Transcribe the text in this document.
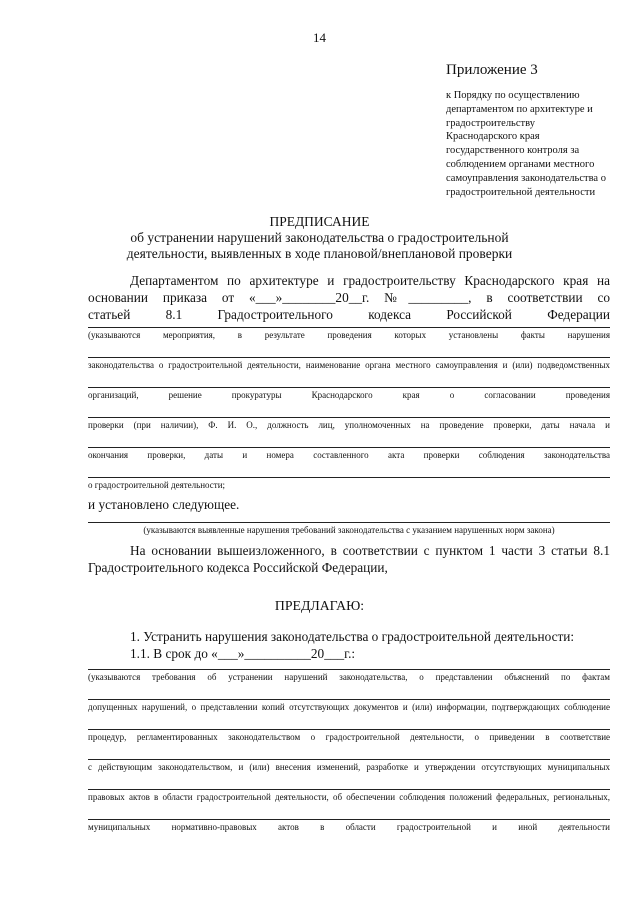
14
Приложение 3
к Порядку по осуществлению
департаментом по архитектуре и
градостроительству
Краснодарского края
государственного контроля за
соблюдением органами местного
самоуправления законодательства о
градостроительной деятельности
ПРЕДПИСАНИЕ
об устранении нарушений законодательства о градостроительной
деятельности, выявленных в ходе плановой/внеплановой проверки
Департаментом по архитектуре и градостроительству Краснодарского края на
основании приказа от «___»________20__г. №_________, в соответствии со
статьей 8.1 Градостроительного кодекса Российской Федерации
(указываются мероприятия, в результате проведения которых установлены факты нарушения
законодательства о градостроительной деятельности, наименование органа местного самоуправления и (или) подведомственных
организаций, решение прокуратуры Краснодарского края о согласовании проведения
проверки (при наличии), Ф. И. О., должность лиц, уполномоченных на проведение проверки, даты начала и
окончания проверки, даты и номера составленного акта проверки соблюдения законодательства
о градостроительной деятельности;
и установлено следующее.
(указываются выявленные нарушения требований законодательства с указанием нарушенных норм закона)
На основании вышеизложенного, в соответствии с пунктом 1 части 3 статьи 8.1
Градостроительного кодекса Российской Федерации,
ПРЕДЛАГАЮ:
1. Устранить нарушения законодательства о градостроительной деятельности:
1.1. В срок до «___»__________20___г.:
(указываются требования об устранении нарушений законодательства, о представлении объяснений по фактам
допущенных нарушений, о представлении копий отсутствующих документов и (или) информации, подтверждающих соблюдение
процедур, регламентированных законодательством о градостроительной деятельности, о приведении в соответствие
с действующим законодательством, и (или) внесения изменений, разработке и утверждении отсутствующих муниципальных
правовых актов в области градостроительной деятельности, об обеспечении соблюдения положений федеральных, региональных,
муниципальных нормативно-правовых актов в области градостроительной и иной деятельности
